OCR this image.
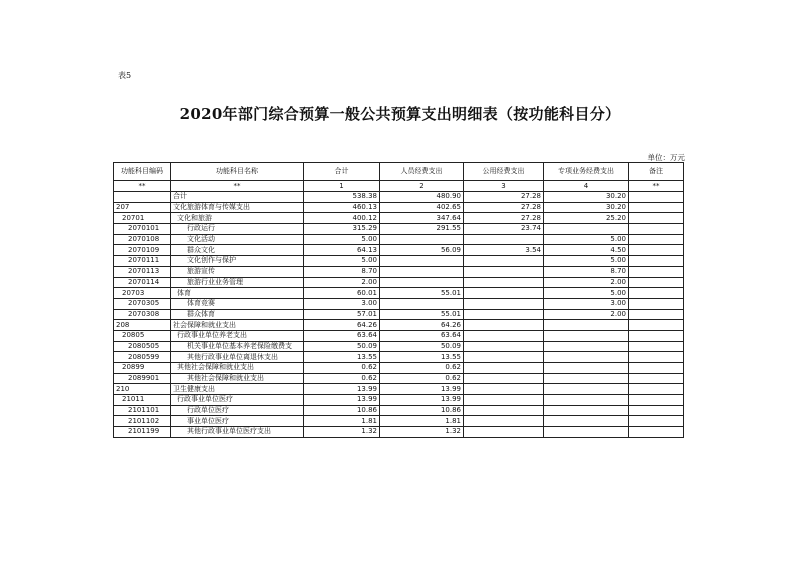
表5
2020年部门综合预算一般公共预算支出明细表（按功能科目分）
单位：万元
功能科目编码	功能科目名称	合计	人员经费支出	公用经费支出	专项业务经费支出	备注
**	**	1	2	3	4	**
	合计	538.38	480.90	27.28	30.20	
207	文化旅游体育与传媒支出	460.13	402.65	27.28	30.20	
20701	文化和旅游	400.12	347.64	27.28	25.20	
2070101	行政运行	315.29	291.55	23.74		
2070108	文化活动	5.00			5.00	
2070109	群众文化	64.13	56.09	3.54	4.50	
2070111	文化创作与保护	5.00			5.00	
2070113	旅游宣传	8.70			8.70	
2070114	旅游行业业务管理	2.00			2.00	
20703	体育	60.01	55.01		5.00	
2070305	体育竞赛	3.00			3.00	
2070308	群众体育	57.01	55.01		2.00	
208	社会保障和就业支出	64.26	64.26			
20805	行政事业单位养老支出	63.64	63.64			
2080505	机关事业单位基本养老保险缴费支	50.09	50.09			
2080599	其他行政事业单位离退休支出	13.55	13.55			
20899	其他社会保障和就业支出	0.62	0.62			
2089901	其他社会保障和就业支出	0.62	0.62			
210	卫生健康支出	13.99	13.99			
21011	行政事业单位医疗	13.99	13.99			
2101101	行政单位医疗	10.86	10.86			
2101102	事业单位医疗	1.81	1.81			
2101199	其他行政事业单位医疗支出	1.32	1.32			
